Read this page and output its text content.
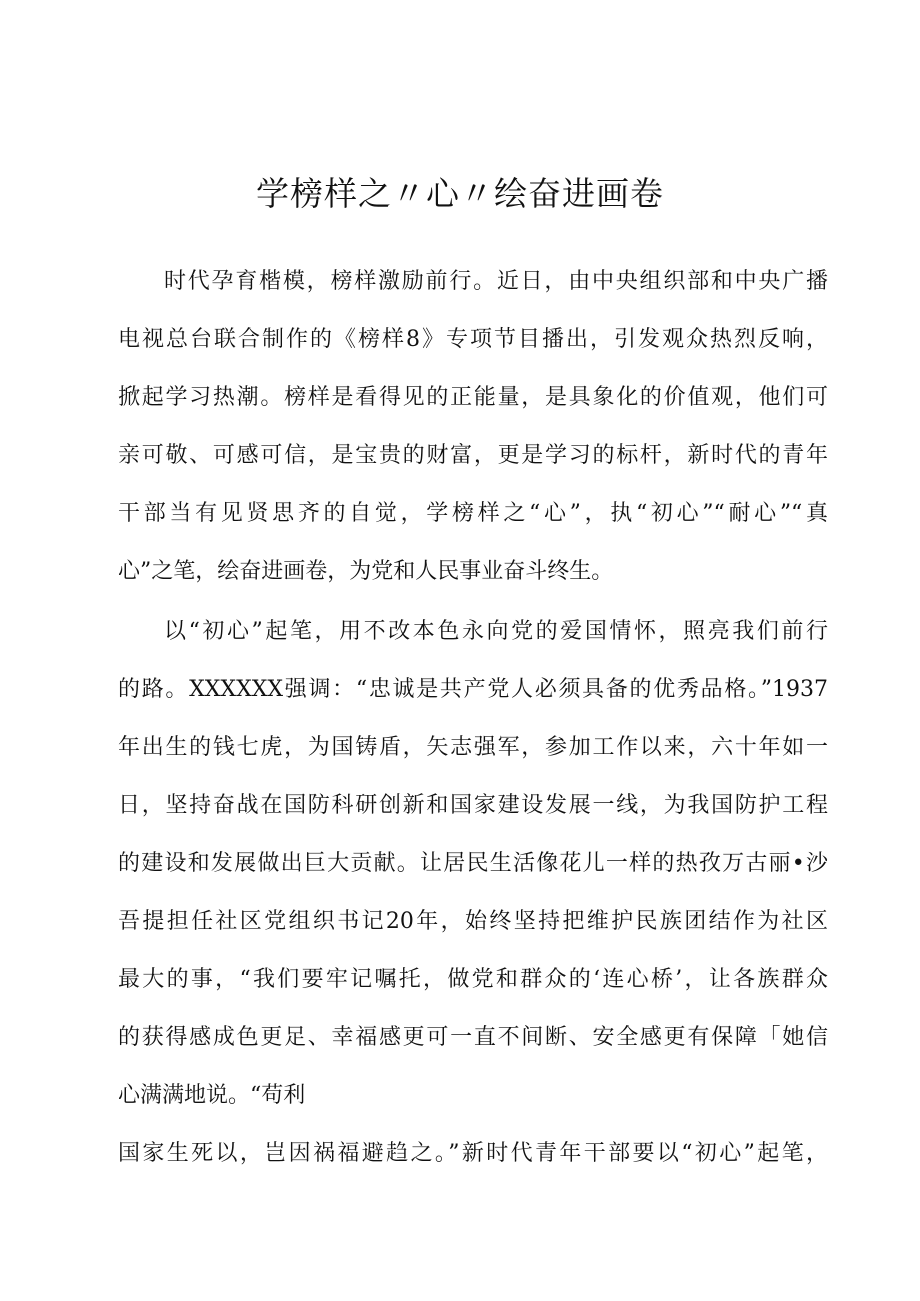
学榜样之〃心〃绘奋进画卷
时代孕育楷模，榜样激励前行。近日，由中央组织部和中央广播
电视总台联合制作的《榜样8》专项节目播出，引发观众热烈反响，
掀起学习热潮。榜样是看得见的正能量，是具象化的价值观，他们可
亲可敬、可感可信，是宝贵的财富，更是学习的标杆，新时代的青年
干部当有见贤思齐的自觉，学榜样之“心”，执“初心”“耐心”“真
心”之笔，绘奋进画卷，为党和人民事业奋斗终生。
以“初心”起笔，用不改本色永向党的爱国情怀，照亮我们前行
的路。XXXXXX强调：“忠诚是共产党人必须具备的优秀品格。”1937
年出生的钱七虎，为国铸盾，矢志强军，参加工作以来，六十年如一
日，坚持奋战在国防科研创新和国家建设发展一线，为我国防护工程
的建设和发展做出巨大贡献。让居民生活像花儿一样的热孜万古丽•沙
吾提担任社区党组织书记20年，始终坚持把维护民族团结作为社区
最大的事，“我们要牢记嘱托，做党和群众的‘连心桥’，让各族群众
的获得感成色更足、幸福感更可一直不间断、安全感更有保障「她信
心满满地说。“苟利
国家生死以，岂因祸福避趋之。”新时代青年干部要以“初心”起笔，
